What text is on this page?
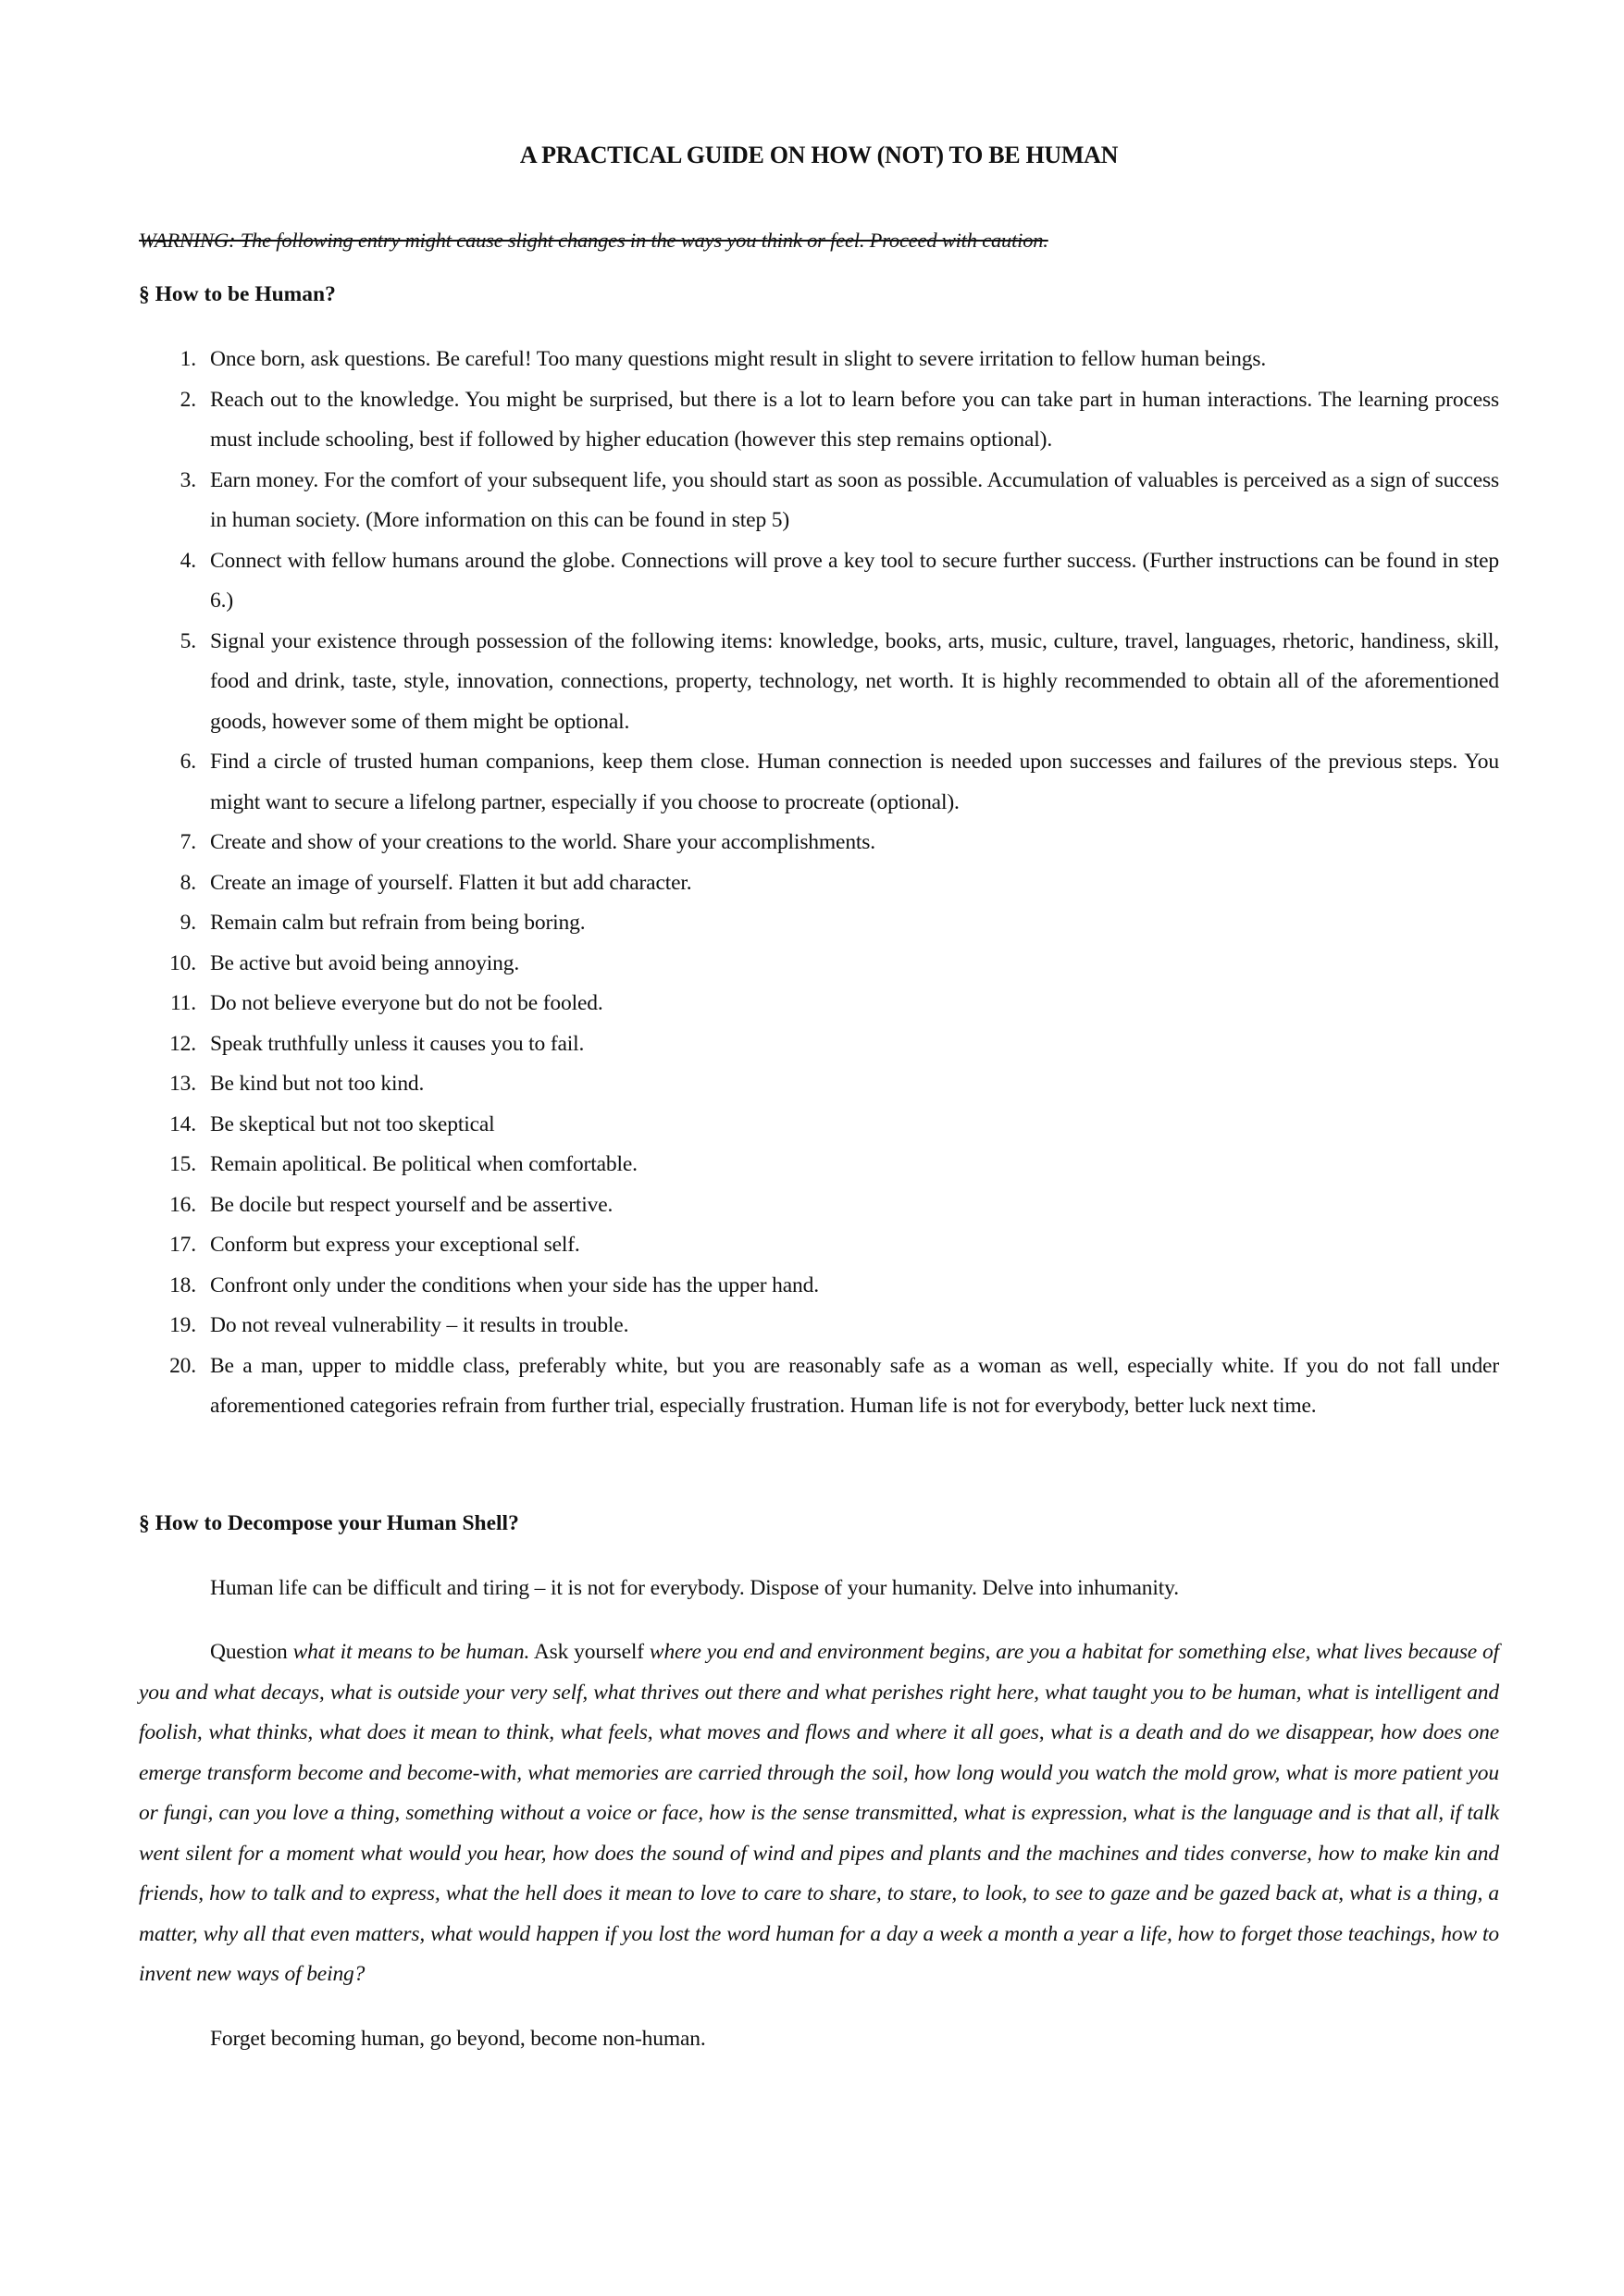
A PRACTICAL GUIDE ON HOW (NOT) TO BE HUMAN
WARNING: The following entry might cause slight changes in the ways you think or feel. Proceed with caution.
§ How to be Human?
1. Once born, ask questions. Be careful! Too many questions might result in slight to severe irritation to fellow human beings.
2. Reach out to the knowledge. You might be surprised, but there is a lot to learn before you can take part in human interactions. The learning process must include schooling, best if followed by higher education (however this step remains optional).
3. Earn money. For the comfort of your subsequent life, you should start as soon as possible. Accumulation of valuables is perceived as a sign of success in human society. (More information on this can be found in step 5)
4. Connect with fellow humans around the globe. Connections will prove a key tool to secure further success. (Further instructions can be found in step 6.)
5. Signal your existence through possession of the following items: knowledge, books, arts, music, culture, travel, languages, rhetoric, handiness, skill, food and drink, taste, style, innovation, connections, property, technology, net worth. It is highly recommended to obtain all of the aforementioned goods, however some of them might be optional.
6. Find a circle of trusted human companions, keep them close. Human connection is needed upon successes and failures of the previous steps. You might want to secure a lifelong partner, especially if you choose to procreate (optional).
7. Create and show of your creations to the world. Share your accomplishments.
8. Create an image of yourself. Flatten it but add character.
9. Remain calm but refrain from being boring.
10. Be active but avoid being annoying.
11. Do not believe everyone but do not be fooled.
12. Speak truthfully unless it causes you to fail.
13. Be kind but not too kind.
14. Be skeptical but not too skeptical
15. Remain apolitical. Be political when comfortable.
16. Be docile but respect yourself and be assertive.
17. Conform but express your exceptional self.
18. Confront only under the conditions when your side has the upper hand.
19. Do not reveal vulnerability – it results in trouble.
20. Be a man, upper to middle class, preferably white, but you are reasonably safe as a woman as well, especially white. If you do not fall under aforementioned categories refrain from further trial, especially frustration. Human life is not for everybody, better luck next time.
§ How to Decompose your Human Shell?
Human life can be difficult and tiring – it is not for everybody. Dispose of your humanity. Delve into inhumanity.
Question what it means to be human. Ask yourself where you end and environment begins, are you a habitat for something else, what lives because of you and what decays, what is outside your very self, what thrives out there and what perishes right here, what taught you to be human, what is intelligent and foolish, what thinks, what does it mean to think, what feels, what moves and flows and where it all goes, what is a death and do we disappear, how does one emerge transform become and become-with, what memories are carried through the soil, how long would you watch the mold grow, what is more patient you or fungi, can you love a thing, something without a voice or face, how is the sense transmitted, what is expression, what is the language and is that all, if talk went silent for a moment what would you hear, how does the sound of wind and pipes and plants and the machines and tides converse, how to make kin and friends, how to talk and to express, what the hell does it mean to love to care to share, to stare, to look, to see to gaze and be gazed back at, what is a thing, a matter, why all that even matters, what would happen if you lost the word human for a day a week a month a year a life, how to forget those teachings, how to invent new ways of being?
Forget becoming human, go beyond, become non-human.
